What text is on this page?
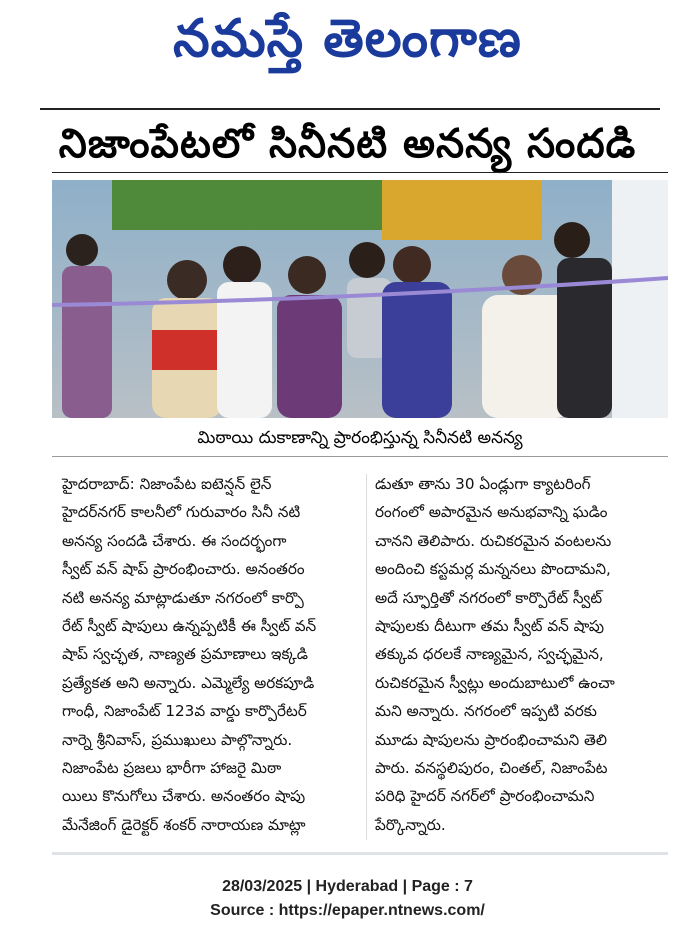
నమస్తే తెలంగాణ
నిజాంపేటలో సినీనటి అనన్య సందడి
మిఠాయి దుకాణాన్ని ప్రారంభిస్తున్న సినీనటి అనన్య

హైదరాబాద్: నిజాంపేట ఐటెన్షన్ లైన్

హైదర్‌నగర్ కాలనీలో గురువారం సినీ నటి

అనన్య సందడి చేశారు. ఈ సందర్భంగా

స్వీట్ వన్ షాప్ ప్రారంభించారు. అనంతరం

నటి అనన్య మాట్లాడుతూ నగరంలో కార్పొ

రేట్ స్వీట్ షాపులు ఉన్నప్పటికీ ఈ స్వీట్ వన్

షాప్ స్వచ్ఛత, నాణ్యత ప్రమాణాలు ఇక్కడి

ప్రత్యేకత అని అన్నారు. ఎమ్మెల్యే అరకపూడి

గాంధీ, నిజాంపేట్ 123వ వార్డు కార్పొరేటర్

నార్నె శ్రీనివాస్, ప్రముఖులు పాల్గొన్నారు.

నిజాంపేట ప్రజలు భారీగా హాజరై మిఠా

యిలు కొనుగోలు చేశారు. అనంతరం షాపు

మేనేజింగ్ డైరెక్టర్ శంకర్ నారాయణ మాట్లా

డుతూ తాను 30 ఏండ్లుగా క్యాటరింగ్

రంగంలో అపారమైన అనుభవాన్ని ఘడిం

చానని తెలిపారు. రుచికరమైన వంటలను

అందించి కస్టమర్ల మన్ననలు పొందామని,

అదే స్ఫూర్తితో నగరంలో కార్పొరేట్ స్వీట్

షాపులకు దీటుగా తమ స్వీట్ వన్ షాపు

తక్కువ ధరలకే నాణ్యమైన, స్వచ్ఛమైన,

రుచికరమైన స్వీట్లు అందుబాటులో ఉంచా

మని అన్నారు. నగరంలో ఇప్పటి వరకు

మూడు షాపులను ప్రారంభించామని తెలి

పారు. వనస్థలిపురం, చింతల్, నిజాంపేట

పరిధి హైదర్ నగర్‌లో ప్రారంభించామని

పేర్కొన్నారు.

28/03/2025 | Hyderabad | Page : 7
Source : https://epaper.ntnews.com/
